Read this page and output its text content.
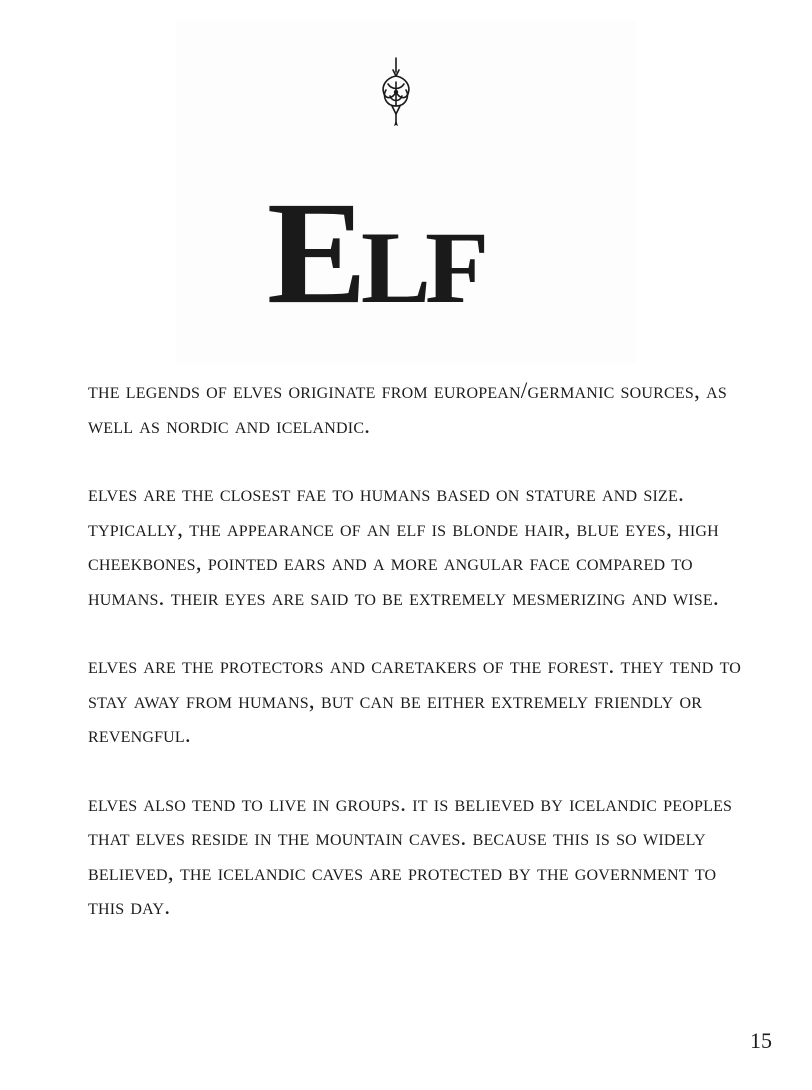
Elf

the legends of elves originate from european/germanic sources, as well as nordic and icelandic.

elves are the closest fae to humans based on stature and size. typically, the appearance of an elf is blonde hair, blue eyes, high cheekbones, pointed ears and a more angular face compared to humans. their eyes are said to be extremely mesmerizing and wise.

elves are the protectors and caretakers of the forest. they tend to stay away from humans, but can be either extremely friendly or revengful.

elves also tend to live in groups. it is believed by icelandic peoples that elves reside in the mountain caves. because this is so widely believed, the icelandic caves are protected by the government to this day.

15
